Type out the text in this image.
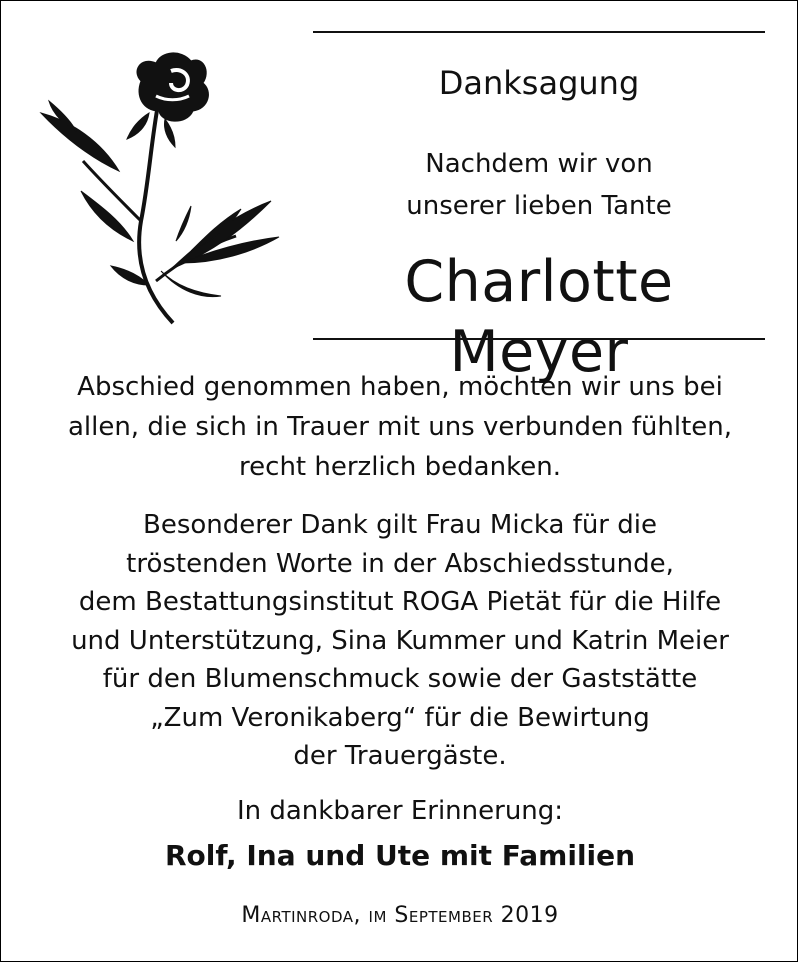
Danksagung
Nachdem wir von
unserer lieben Tante
Charlotte Meyer
Abschied genommen haben, möchten wir uns bei
allen, die sich in Trauer mit uns verbunden fühlten,
recht herzlich bedanken.
Besonderer Dank gilt Frau Micka für die
tröstenden Worte in der Abschiedsstunde,
dem Bestattungsinstitut ROGA Pietät für die Hilfe
und Unterstützung, Sina Kummer und Katrin Meier
für den Blumenschmuck sowie der Gaststätte
„Zum Veronikaberg“ für die Bewirtung
der Trauergäste.
In dankbarer Erinnerung:
Rolf, Ina und Ute mit Familien
Martinroda, im September 2019
